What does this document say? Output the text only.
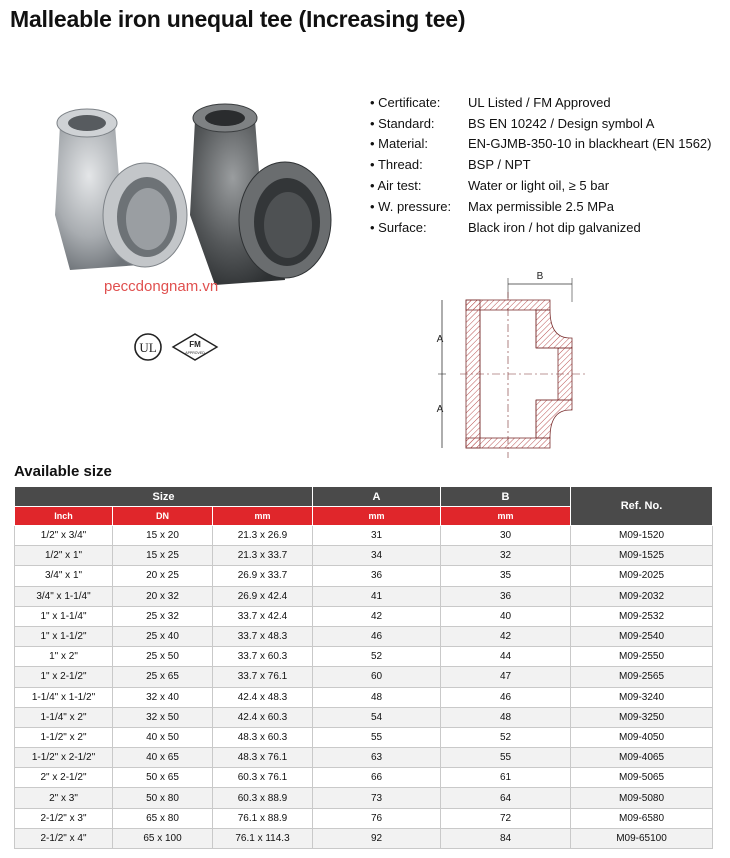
Malleable iron unequal tee (Increasing tee)
peccdongnam.vn
UL	FM
APPROVED
• Certificate:	UL Listed / FM Approved
• Standard:	BS EN 10242 / Design symbol A
• Material:	EN-GJMB-350-10 in blackheart (EN 1562)
• Thread:	BSP / NPT
• Air test:	Water or light oil, ≥ 5 bar
• W. pressure:	Max permissible 2.5 MPa
• Surface:	Black iron / hot dip galvanized
B
A
A
Available size
Size			A	B	Ref. No.
Inch	DN	mm	mm	mm	
1/2" x 3/4"	15 x 20	21.3 x 26.9	31	30	M09-1520
1/2" x 1"	15 x 25	21.3 x 33.7	34	32	M09-1525
3/4" x 1"	20 x 25	26.9 x 33.7	36	35	M09-2025
3/4" x 1-1/4"	20 x 32	26.9 x 42.4	41	36	M09-2032
1" x 1-1/4"	25 x 32	33.7 x 42.4	42	40	M09-2532
1" x 1-1/2"	25 x 40	33.7 x 48.3	46	42	M09-2540
1" x 2"	25 x 50	33.7 x 60.3	52	44	M09-2550
1" x 2-1/2"	25 x 65	33.7 x 76.1	60	47	M09-2565
1-1/4" x 1-1/2"	32 x 40	42.4 x 48.3	48	46	M09-3240
1-1/4" x 2"	32 x 50	42.4 x 60.3	54	48	M09-3250
1-1/2" x 2"	40 x 50	48.3 x 60.3	55	52	M09-4050
1-1/2" x 2-1/2"	40 x 65	48.3 x 76.1	63	55	M09-4065
2" x 2-1/2"	50 x 65	60.3 x 76.1	66	61	M09-5065
2" x 3"	50 x 80	60.3 x 88.9	73	64	M09-5080
2-1/2" x 3"	65 x 80	76.1 x 88.9	76	72	M09-6580
2-1/2" x 4"	65 x 100	76.1 x 114.3	92	84	M09-65100
